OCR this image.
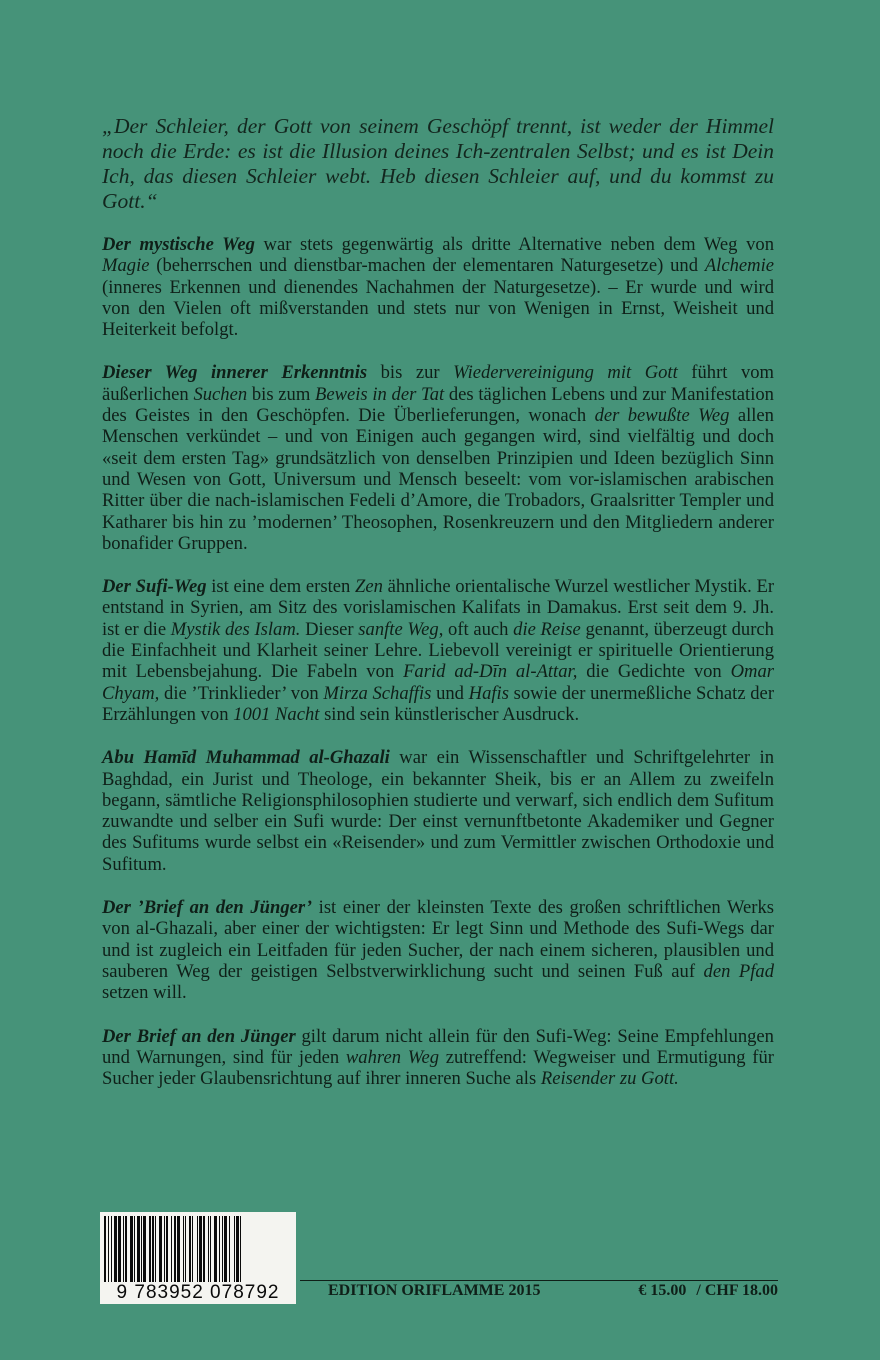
„Der Schleier, der Gott von seinem Geschöpf trennt, ist weder der Himmel noch die Erde: es ist die Illusion deines Ich-zentralen Selbst; und es ist Dein Ich, das diesen Schleier webt. Heb diesen Schleier auf, und du kommst zu Gott.“

Der mystische Weg war stets gegenwärtig als dritte Alternative neben dem Weg von Magie (beherrschen und dienstbar-machen der elementaren Naturgesetze) und Alchemie (inneres Erkennen und dienendes Nachahmen der Naturgesetze). – Er wurde und wird von den Vielen oft mißverstanden und stets nur von Wenigen in Ernst, Weisheit und Heiterkeit befolgt.

Dieser Weg innerer Erkenntnis bis zur Wiedervereinigung mit Gott führt vom äußerlichen Suchen bis zum Beweis in der Tat des täglichen Lebens und zur Manifestation des Geistes in den Geschöpfen. Die Überlieferungen, wonach der bewußte Weg allen Menschen verkündet – und von Einigen auch gegangen wird, sind vielfältig und doch «seit dem ersten Tag» grundsätzlich von denselben Prinzipien und Ideen bezüglich Sinn und Wesen von Gott, Universum und Mensch beseelt: vom vor-islamischen arabischen Ritter über die nach-islamischen Fedeli d’Amore, die Trobadors, Graalsritter Templer und Katharer bis hin zu ’modernen’ Theosophen, Rosenkreuzern und den Mitgliedern anderer bonafider Gruppen.

Der Sufi-Weg ist eine dem ersten Zen ähnliche orientalische Wurzel westlicher Mystik. Er entstand in Syrien, am Sitz des vorislamischen Kalifats in Damakus. Erst seit dem 9. Jh. ist er die Mystik des Islam. Dieser sanfte Weg, oft auch die Reise genannt, überzeugt durch die Einfachheit und Klarheit seiner Lehre. Liebevoll vereinigt er spirituelle Orientierung mit Lebensbejahung. Die Fabeln von Farid ad-Dīn al-Attar, die Gedichte von Omar Chyam, die ’Trinklieder’ von Mirza Schaffis und Hafis sowie der unermeßliche Schatz der Erzählungen von 1001 Nacht sind sein künstlerischer Ausdruck.

Abu Hamīd Muhammad al-Ghazali war ein Wissenschaftler und Schriftgelehrter in Baghdad, ein Jurist und Theologe, ein bekannter Sheik, bis er an Allem zu zweifeln begann, sämtliche Religionsphilosophien studierte und verwarf, sich endlich dem Sufitum zuwandte und selber ein Sufi wurde: Der einst vernunftbetonte Akademiker und Gegner des Sufitums wurde selbst ein «Reisender» und zum Vermittler zwischen Orthodoxie und Sufitum.

Der ’Brief an den Jünger’ ist einer der kleinsten Texte des großen schriftlichen Werks von al-Ghazali, aber einer der wichtigsten: Er legt Sinn und Methode des Sufi-Wegs dar und ist zugleich ein Leitfaden für jeden Sucher, der nach einem sicheren, plausiblen und sauberen Weg der geistigen Selbstverwirklichung sucht und seinen Fuß auf den Pfad setzen will.

Der Brief an den Jünger gilt darum nicht allein für den Sufi-Weg: Seine Empfehlungen und Warnungen, sind für jeden wahren Weg zutreffend: Wegweiser und Ermutigung für Sucher jeder Glaubensrichtung auf ihrer inneren Suche als Reisender zu Gott.

9 783952 078792	EDITION ORIFLAMME 2015	€ 15.00 / CHF 18.00
